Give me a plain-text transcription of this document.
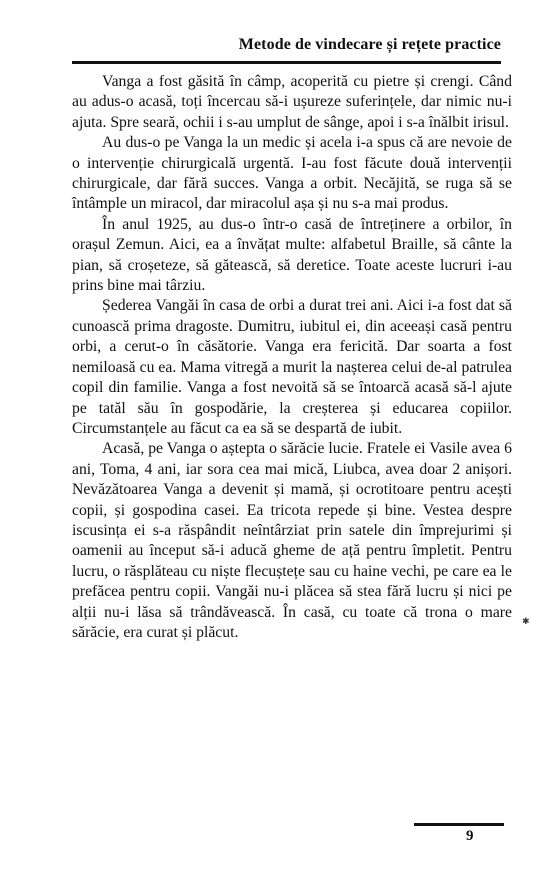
Metode de vindecare și rețete practice

Vanga a fost găsită în câmp, acoperită cu pietre și crengi. Când au adus-o acasă, toți încercau să-i ușureze suferințele, dar nimic nu-i ajuta. Spre seară, ochii i s-au umplut de sânge, apoi i s-a înălbit irisul.

Au dus-o pe Vanga la un medic și acela i-a spus că are nevoie de o intervenție chirurgicală urgentă. I-au fost făcute două intervenții chirurgicale, dar fără succes. Vanga a orbit. Necăjită, se ruga să se întâmple un miracol, dar miracolul așa și nu s-a mai produs.

În anul 1925, au dus-o într-o casă de întreținere a orbilor, în orașul Zemun. Aici, ea a învățat multe: alfabetul Braille, să cânte la pian, să croșeteze, să gătească, să deretice. Toate aceste lucruri i-au prins bine mai târziu.

Șederea Vangăi în casa de orbi a durat trei ani. Aici i-a fost dat să cunoască prima dragoste. Dumitru, iubitul ei, din aceeași casă pentru orbi, a cerut-o în căsătorie. Vanga era fericită. Dar soarta a fost nemiloasă cu ea. Mama vitregă a murit la nașterea celui de-al patrulea copil din familie. Vanga a fost nevoită să se întoarcă acasă să-l ajute pe tatăl său în gospodărie, la creșterea și educarea copiilor. Circumstanțele au făcut ca ea să se despartă de iubit.

Acasă, pe Vanga o aștepta o sărăcie lucie. Fratele ei Vasile avea 6 ani, Toma, 4 ani, iar sora cea mai mică, Liubca, avea doar 2 anișori. Nevăzătoarea Vanga a devenit și mamă, și ocrotitoare pentru acești copii, și gospodina casei. Ea tricota repede și bine. Vestea despre iscusința ei s-a răspândit neîntârziat prin satele din împrejurimi și oamenii au început să-i aducă gheme de ață pentru împletit. Pentru lucru, o răsplăteau cu niște flecuștețe sau cu haine vechi, pe care ea le prefăcea pentru copii. Vangăi nu-i plăcea să stea fără lucru și nici pe alții nu-i lăsa să trândăvească. În casă, cu toate că trona o mare sărăcie, era curat și plăcut.

✱
9
